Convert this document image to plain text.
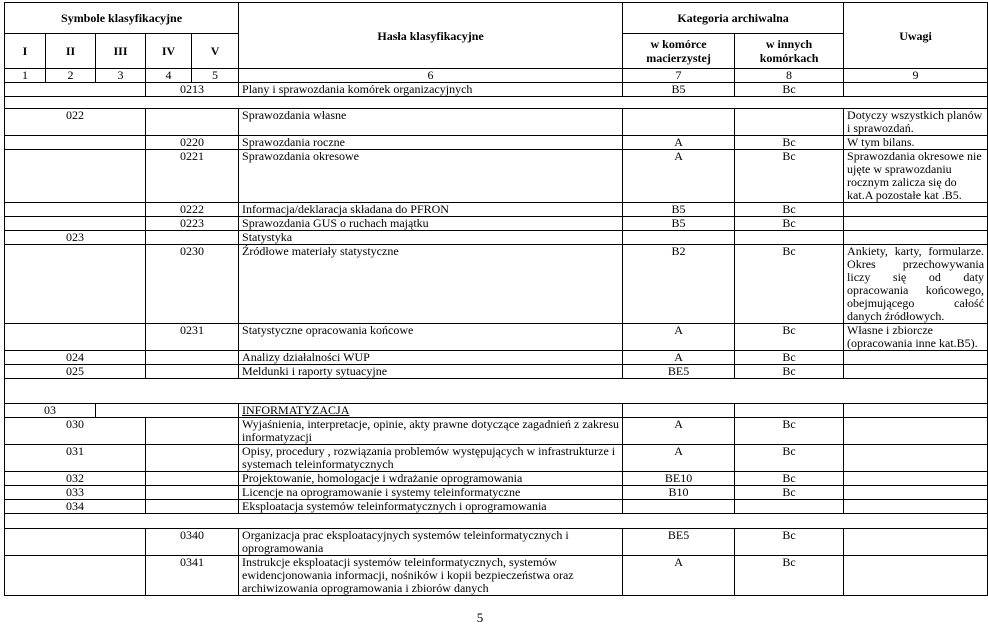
Symbole klasyfikacyjne					Hasła klasyfikacyjne	Kategoria archiwalna		Uwagi
I	II	III	IV	V		w komórce macierzystej	w innych komórkach	
1	2	3	4	5	6	7	8	9
			0213		Plany i sprawozdania komórek organizacyjnych	B5	Bc	

022					Sprawozdania własne			Dotyczy wszystkich planów i sprawozdań.
			0220		Sprawozdania roczne	A	Bc	W tym bilans.
			0221		Sprawozdania okresowe	A	Bc	Sprawozdania okresowe nie ujęte w sprawozdaniu rocznym zalicza się do kat.A pozostałe kat .B5.
			0222		Informacja/deklaracja składana do PFRON	B5	Bc	
			0223		Sprawozdania GUS o ruchach majątku	B5	Bc	
023					Statystyka			
			0230		Źródłowe materiały statystyczne	B2	Bc	Ankiety, karty, formularze. Okres przechowywania liczy się od daty opracowania końcowego, obejmującego całość danych źródłowych.
			0231		Statystyczne opracowania końcowe	A	Bc	Własne i zbiorcze (opracowania inne kat.B5).
024					Analizy działalności WUP	A	Bc	
025					Meldunki i raporty sytuacyjne	BE5	Bc	

03					INFORMATYZACJA			
030					Wyjaśnienia, interpretacje, opinie, akty prawne dotyczące zagadnień z zakresu informatyzacji	A	Bc	
031					Opisy, procedury , rozwiązania problemów występujących w infrastrukturze i systemach teleinformatycznych	A	Bc	
032					Projektowanie, homologacje i wdrażanie oprogramowania	BE10	Bc	
033					Licencje na oprogramowanie i systemy teleinformatyczne	B10	Bc	
034					Eksploatacja systemów teleinformatycznych i oprogramowania			

			0340		Organizacja prac eksploatacyjnych systemów teleinformatycznych i oprogramowania	BE5	Bc	
			0341		Instrukcje eksploatacji systemów teleinformatycznych, systemów ewidencjonowania informacji, nośników i kopii bezpieczeństwa oraz archiwizowania oprogramowania i zbiorów danych	A	Bc	
5
